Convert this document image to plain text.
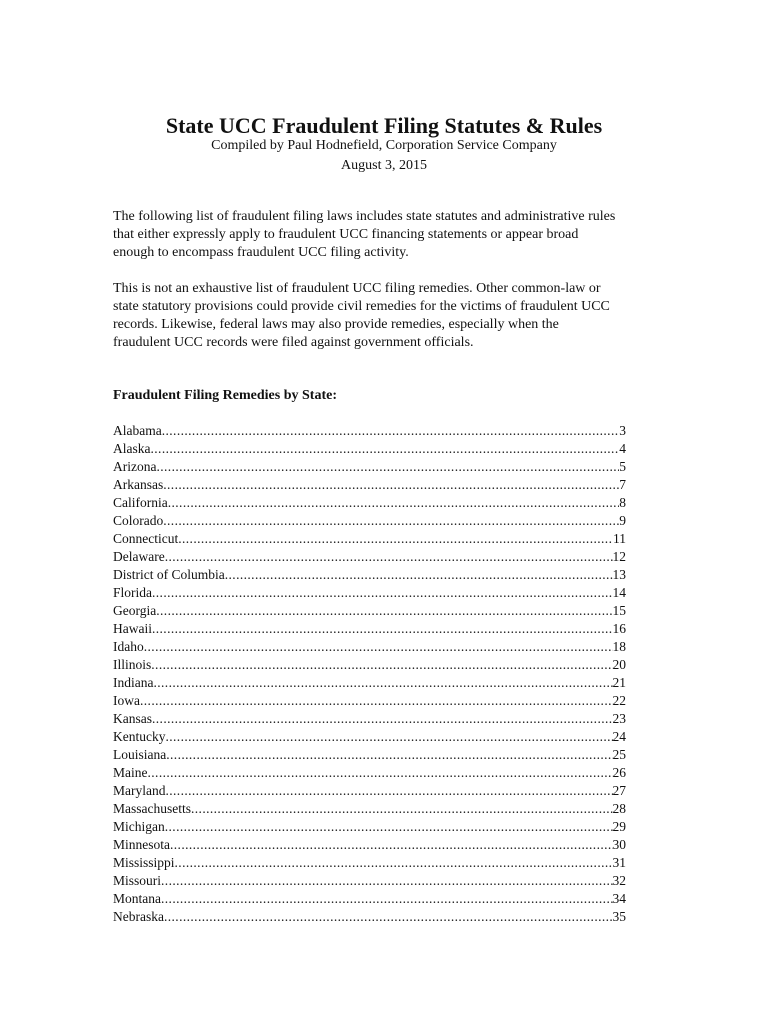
State UCC Fraudulent Filing Statutes & Rules
Compiled by Paul Hodnefield, Corporation Service Company
August 3, 2015

The following list of fraudulent filing laws includes state statutes and administrative rules
that either expressly apply to fraudulent UCC financing statements or appear broad
enough to encompass fraudulent UCC filing activity.

This is not an exhaustive list of fraudulent UCC filing remedies. Other common-law or
state statutory provisions could provide civil remedies for the victims of fraudulent UCC
records. Likewise, federal laws may also provide remedies, especially when the
fraudulent UCC records were filed against government officials.

Fraudulent Filing Remedies by State:
Alabama .....	3
Alaska .....	4
Arizona .....	5
Arkansas .....	7
California .....	8
Colorado .....	9
Connecticut .....	11
Delaware .....	12
District of Columbia .....	13
Florida .....	14
Georgia .....	15
Hawaii .....	16
Idaho .....	18
Illinois .....	20
Indiana .....	21
Iowa .....	22
Kansas .....	23
Kentucky .....	24
Louisiana .....	25
Maine .....	26
Maryland .....	27
Massachusetts .....	28
Michigan .....	29
Minnesota .....	30
Mississippi .....	31
Missouri .....	32
Montana .....	34
Nebraska .....	35
